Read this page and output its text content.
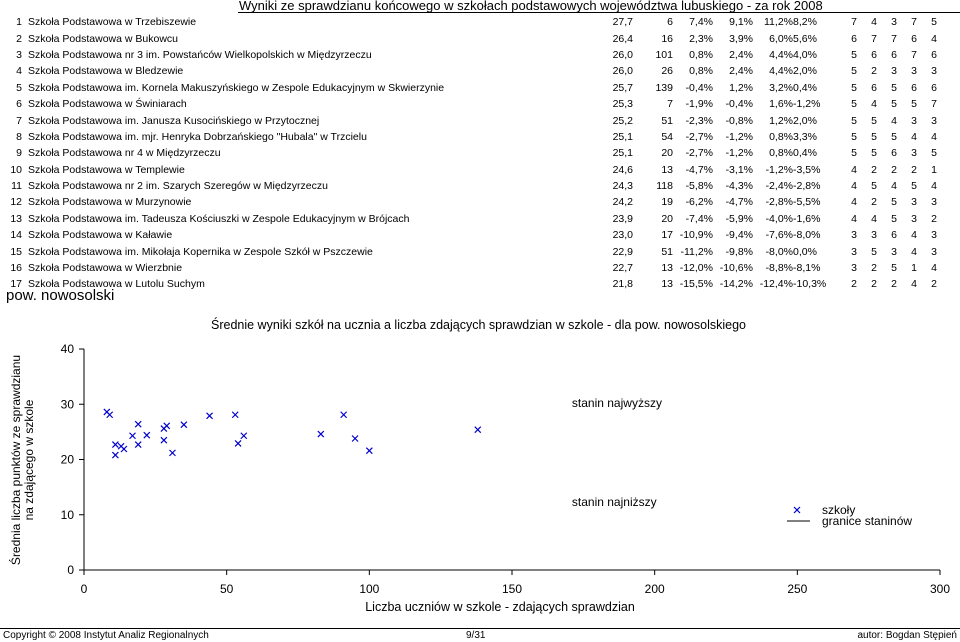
Wyniki ze sprawdzianu końcowego w szkołach podstawowych województwa lubuskiego - za rok 2008
1	Szkoła Podstawowa w Trzebiszewie	27,7	6	7,4%	9,1%	11,2%	8,2%	7	4	3	7	5
2	Szkoła Podstawowa w Bukowcu	26,4	16	2,3%	3,9%	6,0%	5,6%	6	7	7	6	4
3	Szkoła Podstawowa nr 3 im. Powstańców Wielkopolskich w Międzyrzeczu	26,0	101	0,8%	2,4%	4,4%	4,0%	5	6	6	7	6
4	Szkoła Podstawowa w Bledzewie	26,0	26	0,8%	2,4%	4,4%	2,0%	5	2	3	3	3
5	Szkoła Podstawowa im. Kornela Makuszyńskiego w Zespole Edukacyjnym w Skwierzynie	25,7	139	-0,4%	1,2%	3,2%	0,4%	5	6	5	6	6
6	Szkoła Podstawowa w Świniarach	25,3	7	-1,9%	-0,4%	1,6%	-1,2%	5	4	5	5	7
7	Szkoła Podstawowa im. Janusza Kusocińskiego w Przytocznej	25,2	51	-2,3%	-0,8%	1,2%	2,0%	5	5	4	3	3
8	Szkoła Podstawowa im. mjr. Henryka Dobrzańskiego "Hubala" w Trzcielu	25,1	54	-2,7%	-1,2%	0,8%	3,3%	5	5	5	4	4
9	Szkoła Podstawowa nr 4 w Międzyrzeczu	25,1	20	-2,7%	-1,2%	0,8%	0,4%	5	5	6	3	5
10	Szkoła Podstawowa w Templewie	24,6	13	-4,7%	-3,1%	-1,2%	-3,5%	4	2	2	2	1
11	Szkoła Podstawowa nr 2 im. Szarych Szeregów w Międzyrzeczu	24,3	118	-5,8%	-4,3%	-2,4%	-2,8%	4	5	4	5	4
12	Szkoła Podstawowa w Murzynowie	24,2	19	-6,2%	-4,7%	-2,8%	-5,5%	4	2	5	3	3
13	Szkoła Podstawowa im. Tadeusza Kościuszki w Zespole Edukacyjnym w Brójcach	23,9	20	-7,4%	-5,9%	-4,0%	-1,6%	4	4	5	3	2
14	Szkoła Podstawowa w Kaławie	23,0	17	-10,9%	-9,4%	-7,6%	-8,0%	3	3	6	4	3
15	Szkoła Podstawowa im. Mikołaja Kopernika w Zespole Szkół w Pszczewie	22,9	51	-11,2%	-9,8%	-8,0%	0,0%	3	5	3	4	3
16	Szkoła Podstawowa w Wierzbnie	22,7	13	-12,0%	-10,6%	-8,8%	-8,1%	3	2	5	1	4
17	Szkoła Podstawowa w Lutolu Suchym	21,8	13	-15,5%	-14,2%	-12,4%	-10,3%	2	2	2	4	2
pow. nowosolski
Średnie wyniki szkół na ucznia a liczba zdających sprawdzian w szkole - dla pow. nowosolskiego
Średnia liczba punktów ze sprawdzianu na zdającego w szkole
0
10
20
30
40
0	50	100	150	200	250	300
stanin najwyższy
stanin najniższy
szkoły
granice staninów
Liczba uczniów w szkole - zdających sprawdzian
Copyright © 2008 Instytut Analiz Regionalnych	9/31	autor: Bogdan Stępień
